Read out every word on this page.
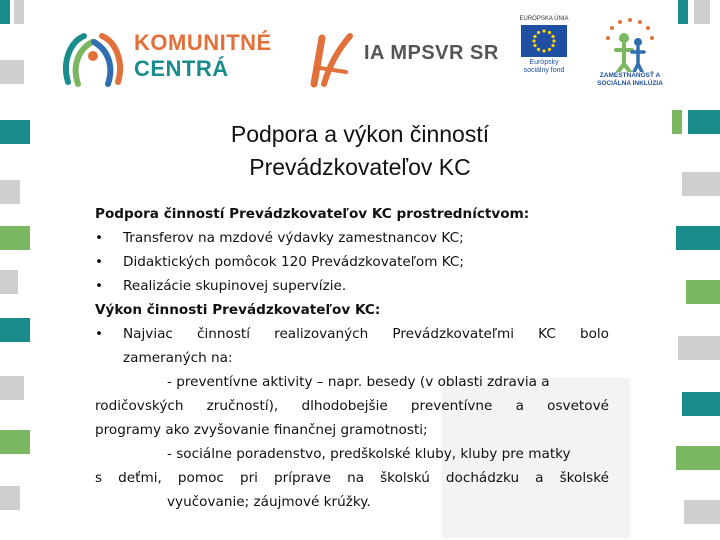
KOMUNITNÉ
CENTRÁ
IA MPSVR SR
EURÓPSKA ÚNIA
Európsky sociálny fond
ZAMESTNANOSŤ A SOCIÁLNA INKLÚZIA
Podpora a výkon činností
Prevádzkovateľov KC
Podpora činností Prevádzkovateľov KC prostredníctvom:
• Transferov na mzdové výdavky zamestnancov KC;
• Didaktických pomôcok 120 Prevádzkovateľom KC;
• Realizácie skupinovej supervízie.
Výkon činnosti Prevádzkovateľov KC:
•	Najviac činností realizovaných Prevádzkovateľmi KC bolo
zameraných na:
- preventívne aktivity – napr. besedy (v oblasti zdravia a
rodičovských zručností), dlhodobejšie preventívne a osvetové
programy ako zvyšovanie finančnej gramotnosti;
- sociálne poradenstvo, predškolské kluby, kluby pre matky
s deťmi, pomoc pri príprave na školskú dochádzku a školské
vyučovanie; záujmové krúžky.
